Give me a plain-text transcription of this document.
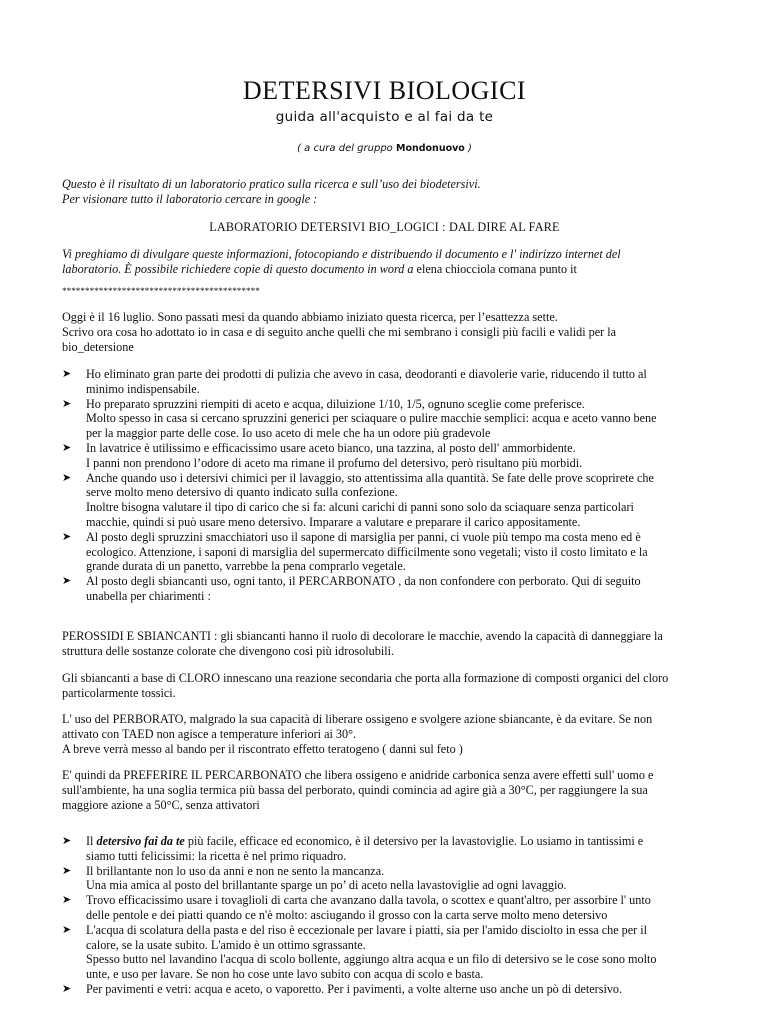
DETERSIVI BIOLOGICI
guida all'acquisto e al fai da te
( a cura del gruppo Mondonuovo )
Questo è il risultato di un laboratorio pratico sulla ricerca e sull’uso dei biodetersivi.
Per visionare tutto il laboratorio cercare in google :
LABORATORIO DETERSIVI BIO_LOGICI : DAL DIRE AL FARE
Vi preghiamo di divulgare queste informazioni, fotocopiando e distribuendo il documento e l' indirizzo internet del
laboratorio. È possibile richiedere copie di questo documento in word a elena chiocciola comana punto it
*******************************************
Oggi è il 16 luglio. Sono passati mesi da quando abbiamo iniziato questa ricerca, per l’esattezza sette.
Scrivo ora cosa ho adottato io in casa e di seguito anche quelli che mi sembrano i consigli più facili e validi per la
bio_detersione
➤ Ho eliminato gran parte dei prodotti di pulizia che avevo in casa, deodoranti e diavolerie varie, riducendo il tutto al
minimo indispensabile.
➤ Ho preparato spruzzini riempiti di aceto e acqua, diluizione 1/10, 1/5, ognuno sceglie come preferisce.
Molto spesso in casa si cercano spruzzini generici per sciaquare o pulire macchie semplici: acqua e aceto vanno bene
per la maggior parte delle cose. Io uso aceto di mele che ha un odore più gradevole
➤ In lavatrice è utilissimo e efficacissimo usare aceto bianco, una tazzina, al posto dell' ammorbidente.
I panni non prendono l’odore di aceto ma rimane il profumo del detersivo, però risultano più morbidi.
➤ Anche quando uso i detersivi chimici per il lavaggio, sto attentissima alla quantità. Se fate delle prove scoprirete che
serve molto meno detersivo di quanto indicato sulla confezione.
Inoltre bisogna valutare il tipo di carico che si fa: alcuni carichi di panni sono solo da sciaquare senza particolari
macchie, quindi si può usare meno detersivo. Imparare a valutare e preparare il carico appositamente.
➤ Al posto degli spruzzini smacchiatori uso il sapone di marsiglia per panni, ci vuole più tempo ma costa meno ed è
ecologico. Attenzione, i saponi di marsiglia del supermercato difficilmente sono vegetali; visto il costo limitato e la
grande durata di un panetto, varrebbe la pena comprarlo vegetale.
➤ Al posto degli sbiancanti uso, ogni tanto, il PERCARBONATO , da non confondere con perborato. Qui di seguito
unabella per chiarimenti :
PEROSSIDI E SBIANCANTI : gli sbiancanti hanno il ruolo di decolorare le macchie, avendo la capacità di danneggiare la
struttura delle sostanze colorate che divengono così più idrosolubili.
Gli sbiancanti a base di CLORO innescano una reazione secondaria che porta alla formazione di composti organici del cloro
particolarmente tossici.
L' uso del PERBORATO, malgrado la sua capacità di liberare ossigeno e svolgere azione sbiancante, è da evitare. Se non
attivato con TAED non agisce a temperature inferiori ai 30°.
A breve verrà messo al bando per il riscontrato effetto teratogeno ( danni sul feto )
E' quindi da PREFERIRE IL PERCARBONATO che libera ossigeno e anidride carbonica senza avere effetti sull' uomo e
sull'ambiente, ha una soglia termica più bassa del perborato, quindi comincia ad agire già a 30°C, per raggiungere la sua
maggiore azione a 50°C, senza attivatori
➤ Il detersivo fai da te più facile, efficace ed economico, è il detersivo per la lavastoviglie. Lo usiamo in tantissimi e
siamo tutti felicissimi: la ricetta è nel primo riquadro.
➤ Il brillantante non lo uso da anni e non ne sento la mancanza.
Una mia amica al posto del brillantante sparge un po’ di aceto nella lavastoviglie ad ogni lavaggio.
➤ Trovo efficacissimo usare i tovaglioli di carta che avanzano dalla tavola, o scottex e quant'altro, per assorbire l' unto
delle pentole e dei piatti quando ce n'è molto: asciugando il grosso con la carta serve molto meno detersivo
➤ L'acqua di scolatura della pasta e del riso è eccezionale per lavare i piatti, sia per l'amido disciolto in essa che per il
calore, se la usate subito. L'amido è un ottimo sgrassante.
Spesso butto nel lavandino l'acqua di scolo bollente, aggiungo altra acqua e un filo di detersivo se le cose sono molto
unte, e uso per lavare. Se non ho cose unte lavo subito con acqua di scolo e basta.
➤ Per pavimenti e vetri: acqua e aceto, o vaporetto. Per i pavimenti, a volte alterne uso anche un pò di detersivo.
